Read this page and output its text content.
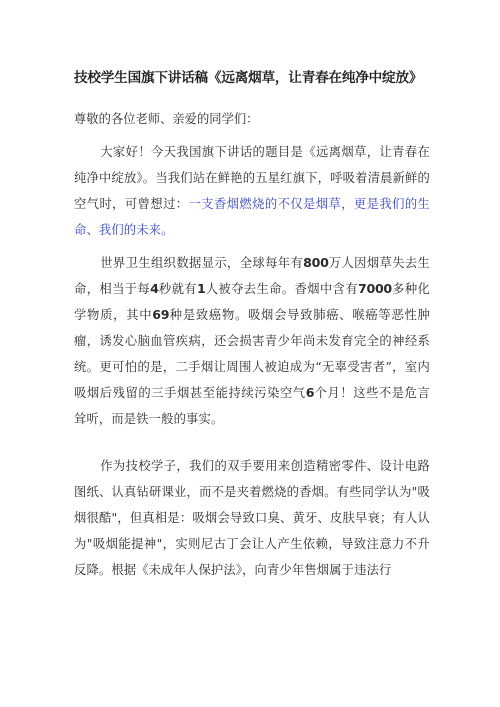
技校学生国旗下讲话稿《远离烟草，让青春在纯净中绽放》
尊敬的各位老师、亲爱的同学们：
大家好！今天我国旗下讲话的题目是《远离烟草，让青春在纯净中绽放》。当我们站在鲜艳的五星红旗下，呼吸着清晨新鲜的空气时，可曾想过：一支香烟燃烧的不仅是烟草，更是我们的生命、我们的未来。
世界卫生组织数据显示，全球每年有800万人因烟草失去生命，相当于每4秒就有1人被夺去生命。香烟中含有7000多种化学物质，其中69种是致癌物。吸烟会导致肺癌、喉癌等恶性肿瘤，诱发心脑血管疾病，还会损害青少年尚未发育完全的神经系统。更可怕的是，二手烟让周围人被迫成为“无辜受害者”，室内吸烟后残留的三手烟甚至能持续污染空气6个月！这些不是危言耸听，而是铁一般的事实。
作为技校学子，我们的双手要用来创造精密零件、设计电路图纸、认真钻研课业，而不是夹着燃烧的香烟。有些同学认为"吸烟很酷"，但真相是：吸烟会导致口臭、黄牙、皮肤早衰；有人认为"吸烟能提神"，实则尼古丁会让人产生依赖，导致注意力不升反降。根据《未成年人保护法》，向青少年售烟属于违法行
